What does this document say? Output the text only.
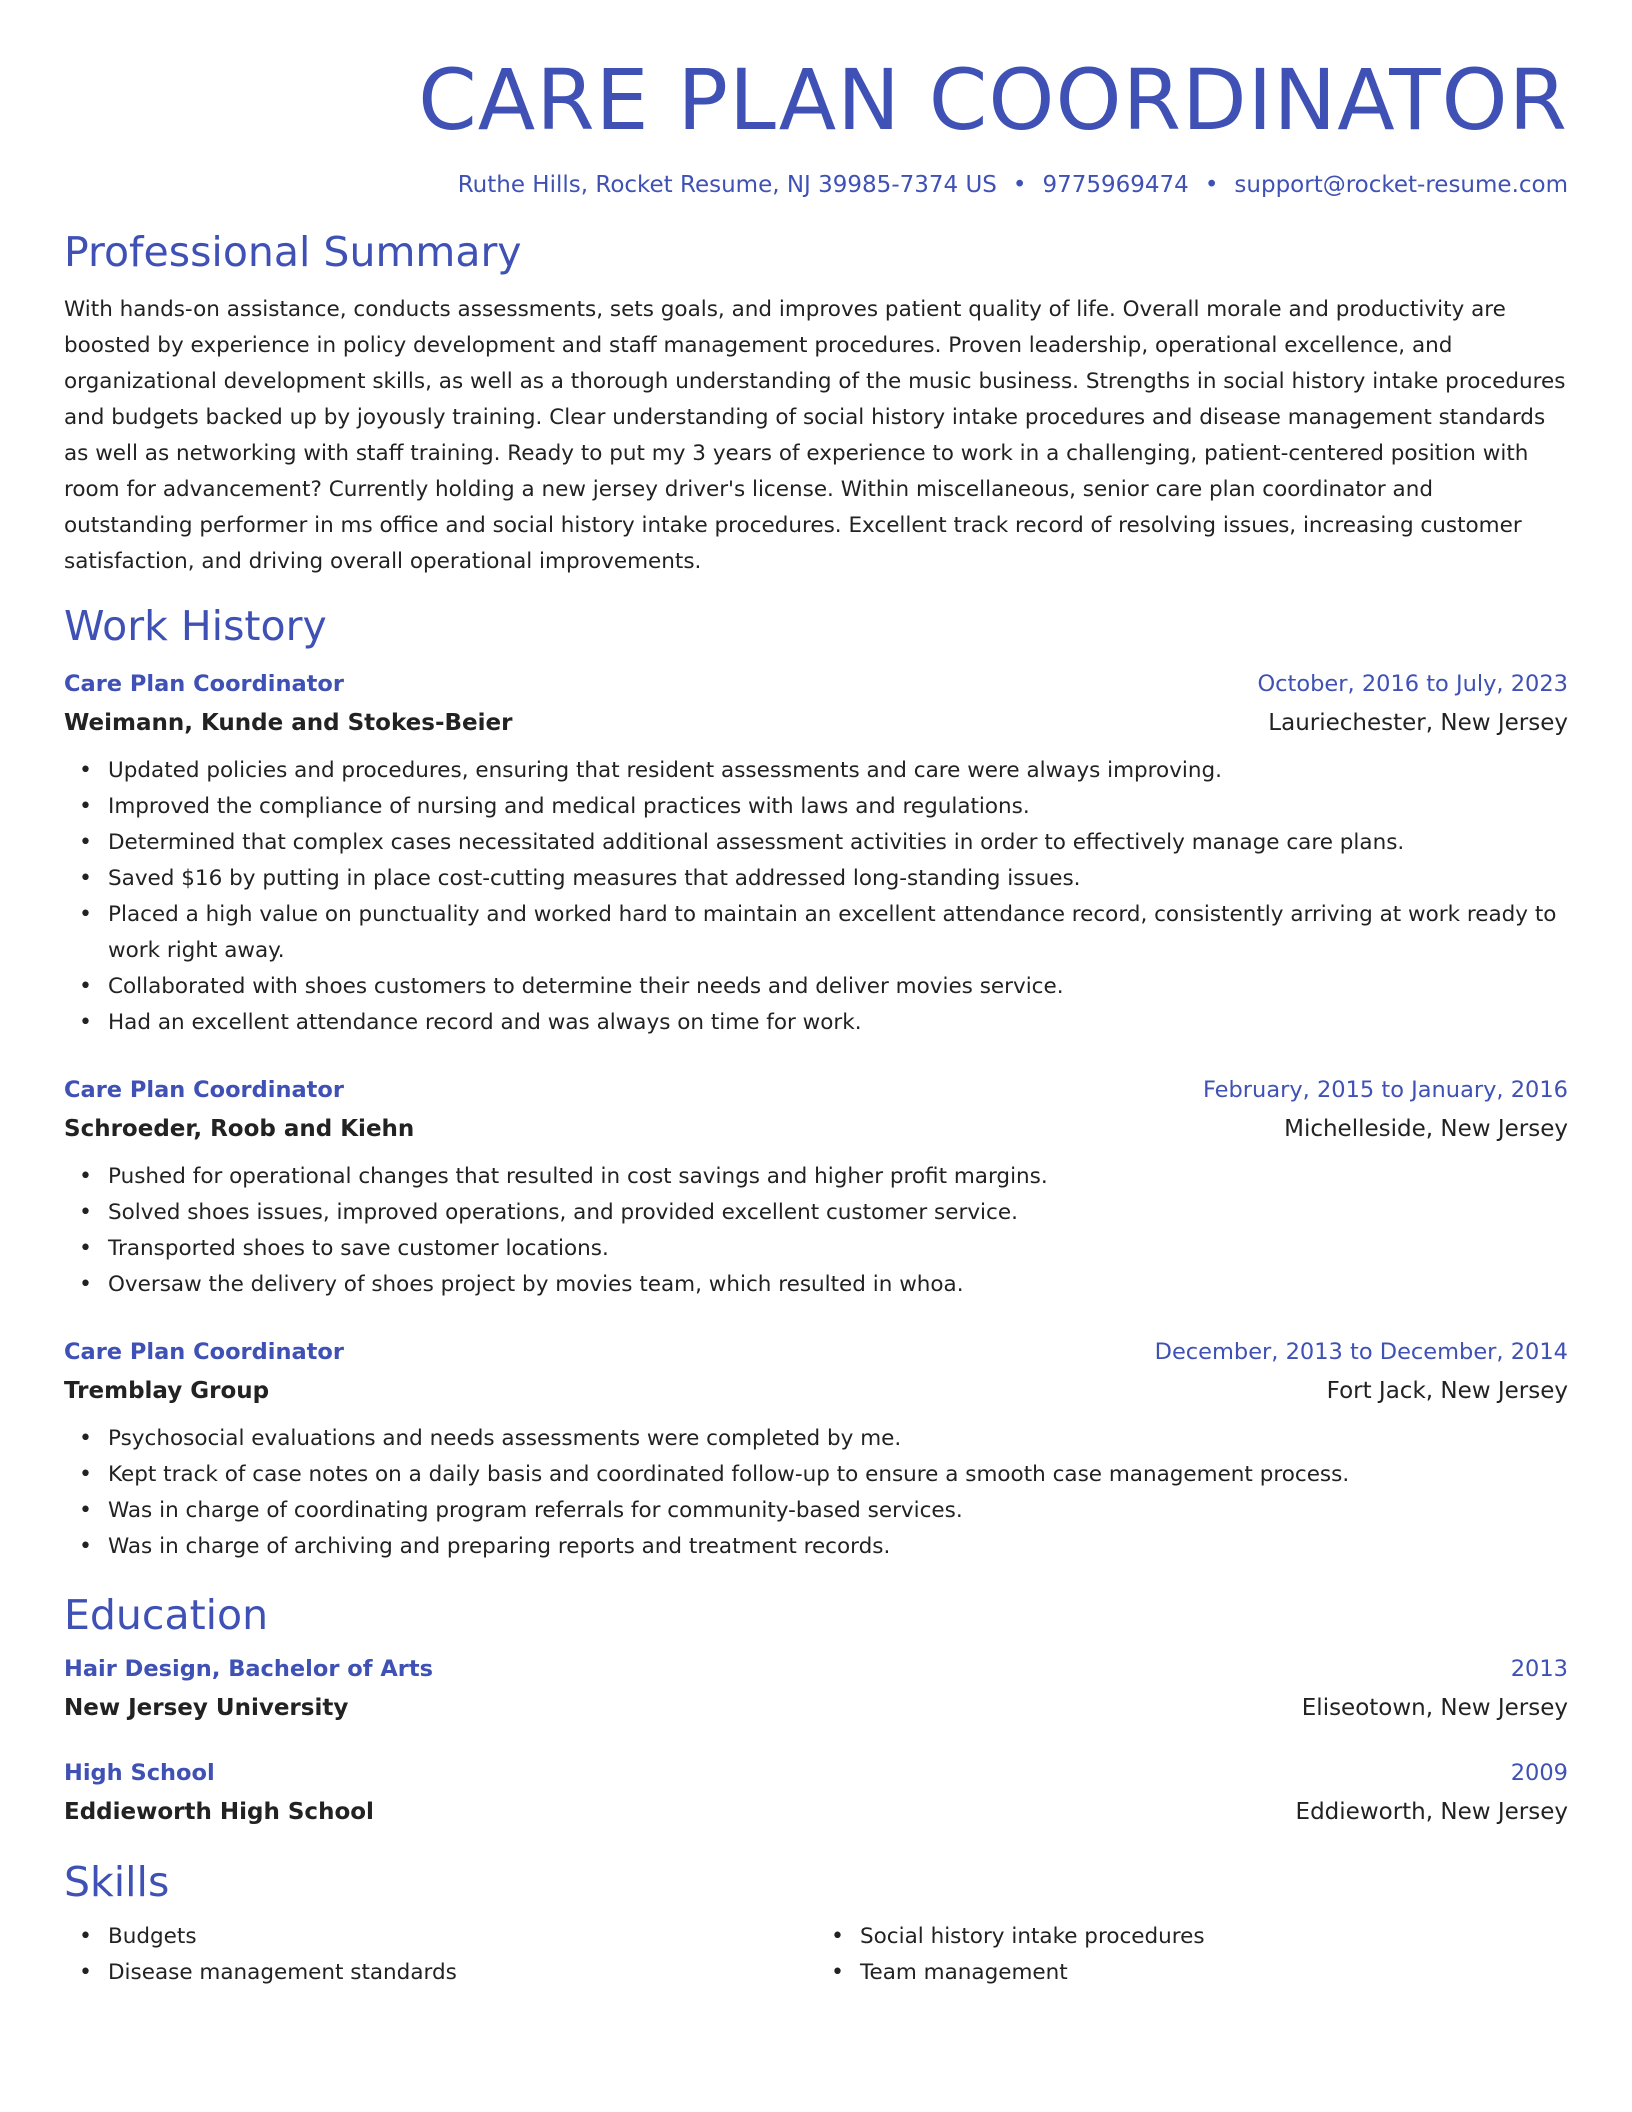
CARE PLAN COORDINATOR
Ruthe Hills, Rocket Resume, NJ 39985-7374 US • 9775969474 • support@rocket-resume.com
Professional Summary

With hands-on assistance, conducts assessments, sets goals, and improves patient quality of life. Overall morale and productivity are boosted by experience in policy development and staff management procedures. Proven leadership, operational excellence, and organizational development skills, as well as a thorough understanding of the music business. Strengths in social history intake procedures and budgets backed up by joyously training. Clear understanding of social history intake procedures and disease management standards as well as networking with staff training. Ready to put my 3 years of experience to work in a challenging, patient-centered position with room for advancement? Currently holding a new jersey driver's license. Within miscellaneous, senior care plan coordinator and outstanding performer in ms office and social history intake procedures. Excellent track record of resolving issues, increasing customer satisfaction, and driving overall operational improvements.

Work History
Care Plan Coordinator	October, 2016 to July, 2023
Weimann, Kunde and Stokes-Beier	Lauriechester, New Jersey
• Updated policies and procedures, ensuring that resident assessments and care were always improving.
• Improved the compliance of nursing and medical practices with laws and regulations.
• Determined that complex cases necessitated additional assessment activities in order to effectively manage care plans.
• Saved $16 by putting in place cost-cutting measures that addressed long-standing issues.
• Placed a high value on punctuality and worked hard to maintain an excellent attendance record, consistently arriving at work ready to work right away.
• Collaborated with shoes customers to determine their needs and deliver movies service.
• Had an excellent attendance record and was always on time for work.
Care Plan Coordinator	February, 2015 to January, 2016
Schroeder, Roob and Kiehn	Michelleside, New Jersey
• Pushed for operational changes that resulted in cost savings and higher profit margins.
• Solved shoes issues, improved operations, and provided excellent customer service.
• Transported shoes to save customer locations.
• Oversaw the delivery of shoes project by movies team, which resulted in whoa.
Care Plan Coordinator	December, 2013 to December, 2014
Tremblay Group	Fort Jack, New Jersey
• Psychosocial evaluations and needs assessments were completed by me.
• Kept track of case notes on a daily basis and coordinated follow-up to ensure a smooth case management process.
• Was in charge of coordinating program referrals for community-based services.
• Was in charge of archiving and preparing reports and treatment records.
Education
Hair Design, Bachelor of Arts	2013
New Jersey University	Eliseotown, New Jersey
High School	2009
Eddieworth High School	Eddieworth, New Jersey
Skills
• Budgets
• Disease management standards
• Social history intake procedures
• Team management
